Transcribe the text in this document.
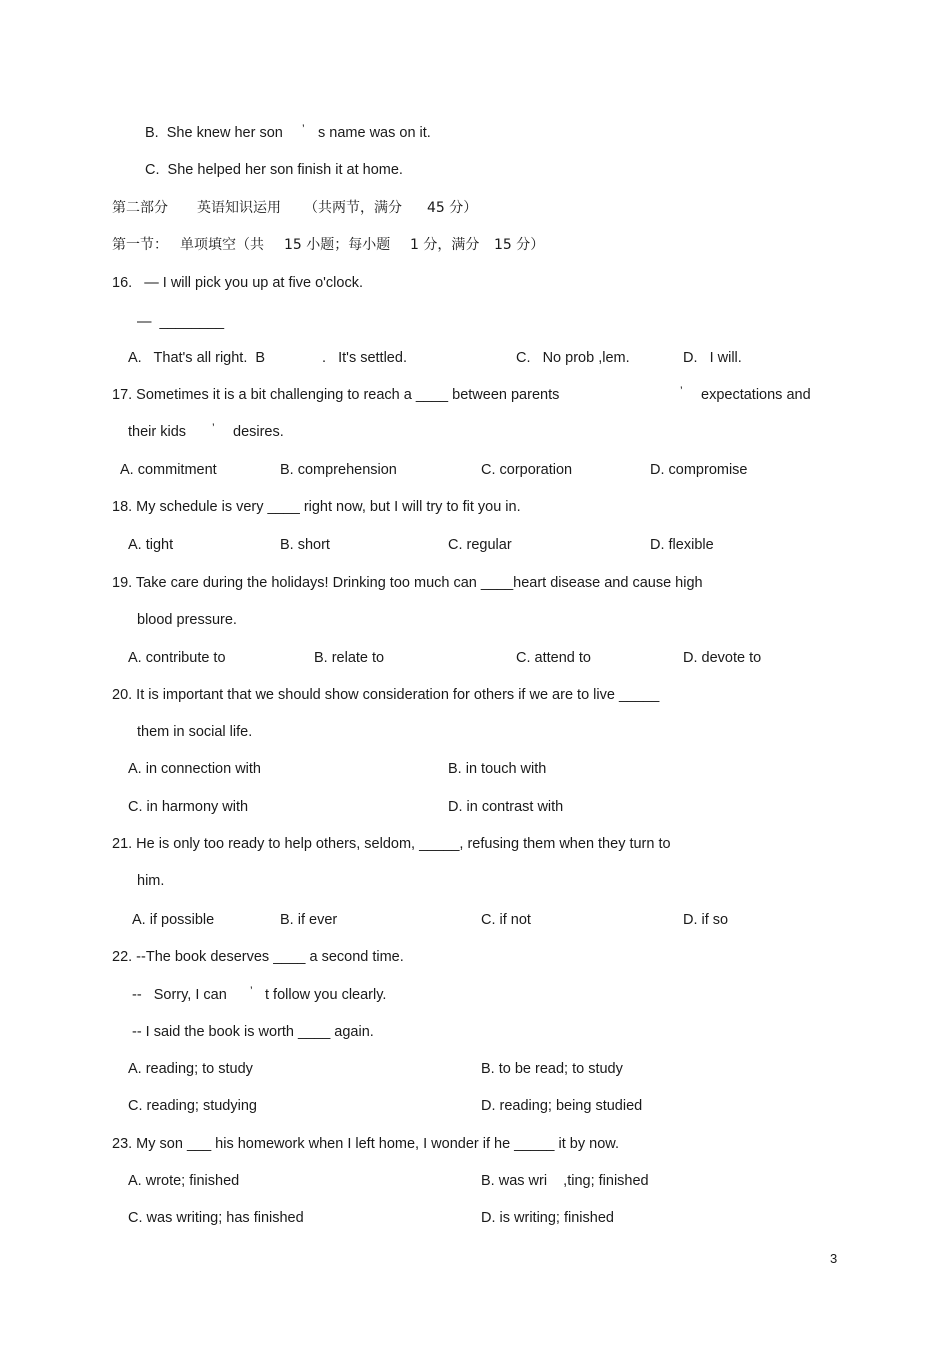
B.  She knew her son ’ s name was on it.
C.  She helped her son finish it at home.
第二部分 英语知识运用 （共两节，满分 45 分）
第一节： 单项填空（共 15 小题；每小题 1 分，满分 15 分）
16.   — I will pick you up at five o'clock.
—  ________
A.   That's all right.  B	.   It's settled.	C.   No prob ,lem.	D.   I will.
17. Sometimes it is a bit challenging to reach a ____ between parents	’ expectations and
their kids ’ desires.
A. commitment	B. comprehension	C. corporation	D. compromise
18. My schedule is very ____ right now, but I will try to fit you in.
A. tight	B. short	C. regular	D. flexible
19. Take care during the holidays! Drinking too much can ____heart disease and cause high
blood pressure.
A. contribute to	B. relate to	C. attend to	D. devote to
20. It is important that we should show consideration for others if we are to live _____
them in social life.
A. in connection with	B. in touch with
C. in harmony with	D. in contrast with
21. He is only too ready to help others, seldom, _____, refusing them when they turn to
him.
A. if possible	B. if ever	C. if not	D. if so
22. --The book deserves ____ a second time.
--   Sorry, I can ’ t follow you clearly.
-- I said the book is worth ____ again.
A. reading; to study	B. to be read; to study
C. reading; studying	D. reading; being studied
23. My son ___ his homework when I left home, I wonder if he _____ it by now.
A. wrote; finished	B. was wri    ,ting; finished
C. was writing; has finished	D. is writing; finished
3
